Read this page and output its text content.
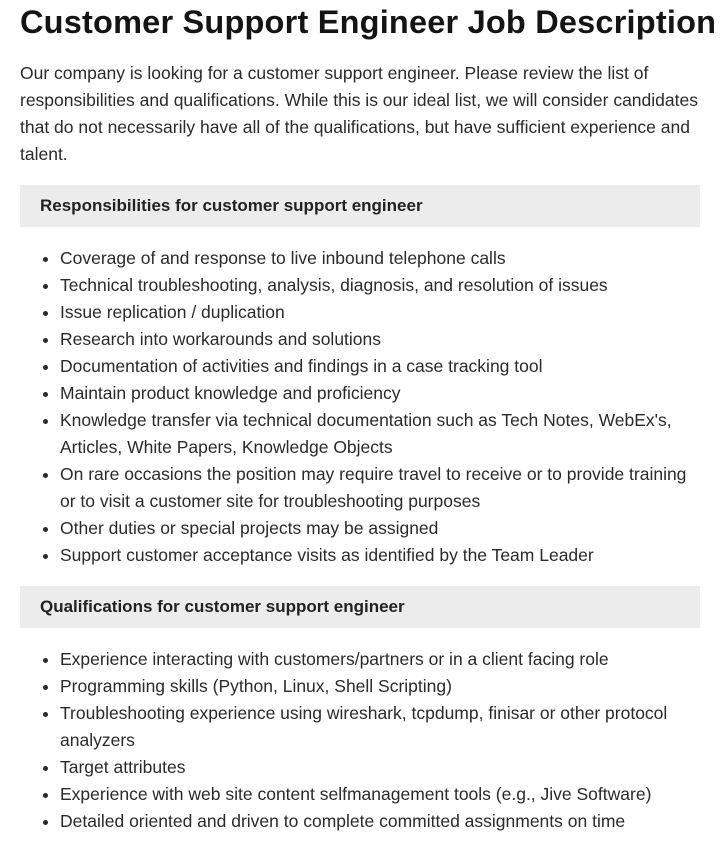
Customer Support Engineer Job Description

Our company is looking for a customer support engineer. Please review the list of responsibilities and qualifications. While this is our ideal list, we will consider candidates that do not necessarily have all of the qualifications, but have sufficient experience and talent.

Responsibilities for customer support engineer
• Coverage of and response to live inbound telephone calls
• Technical troubleshooting, analysis, diagnosis, and resolution of issues
• Issue replication / duplication
• Research into workarounds and solutions
• Documentation of activities and findings in a case tracking tool
• Maintain product knowledge and proficiency
• Knowledge transfer via technical documentation such as Tech Notes, WebEx's, Articles, White Papers, Knowledge Objects
• On rare occasions the position may require travel to receive or to provide training or to visit a customer site for troubleshooting purposes
• Other duties or special projects may be assigned
• Support customer acceptance visits as identified by the Team Leader
Qualifications for customer support engineer
• Experience interacting with customers/partners or in a client facing role
• Programming skills (Python, Linux, Shell Scripting)
• Troubleshooting experience using wireshark, tcpdump, finisar or other protocol analyzers
• Target attributes
• Experience with web site content selfmanagement tools (e.g., Jive Software)
• Detailed oriented and driven to complete committed assignments on time
